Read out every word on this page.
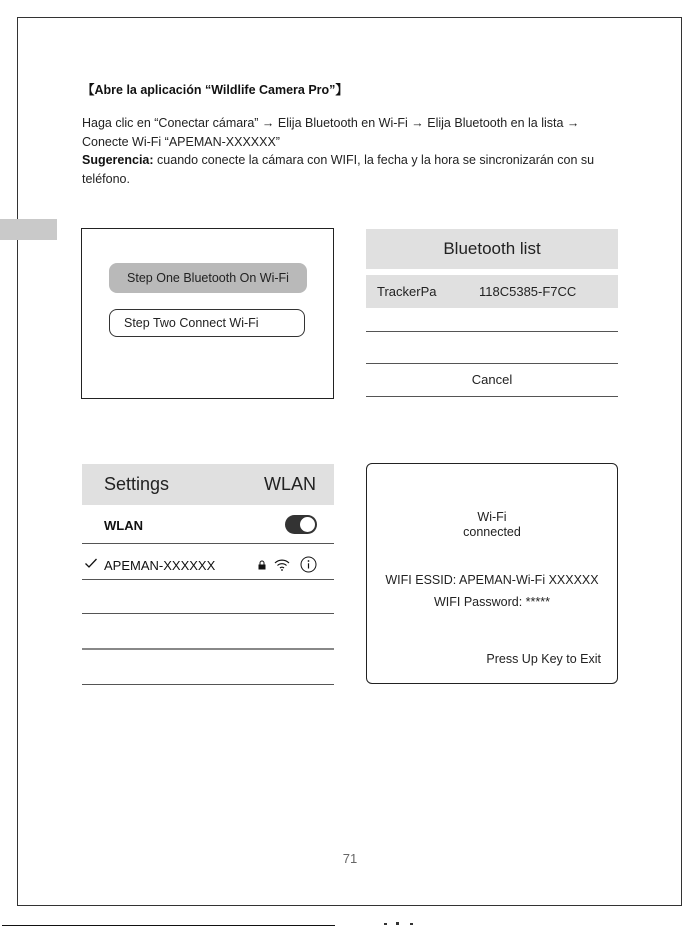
【Abre la aplicación “Wildlife Camera Pro”】
Haga clic en “Conectar cámara” → Elija Bluetooth en Wi-Fi → Elija Bluetooth en la lista → Conecte Wi-Fi “APEMAN-XXXXXX”
Sugerencia: cuando conecte la cámara con WIFI, la fecha y la hora se sincronizarán con su teléfono.
Step One Bluetooth On Wi-Fi
Step Two Connect Wi-Fi
Bluetooth list
TrackerPa	118C5385-F7CC
Cancel
Settings	WLAN
WLAN
APEMAN-XXXXXX
Wi-Fi
connected
WIFI ESSID: APEMAN-Wi-Fi XXXXXX
WIFI Password: *****
Press Up Key to Exit
71
